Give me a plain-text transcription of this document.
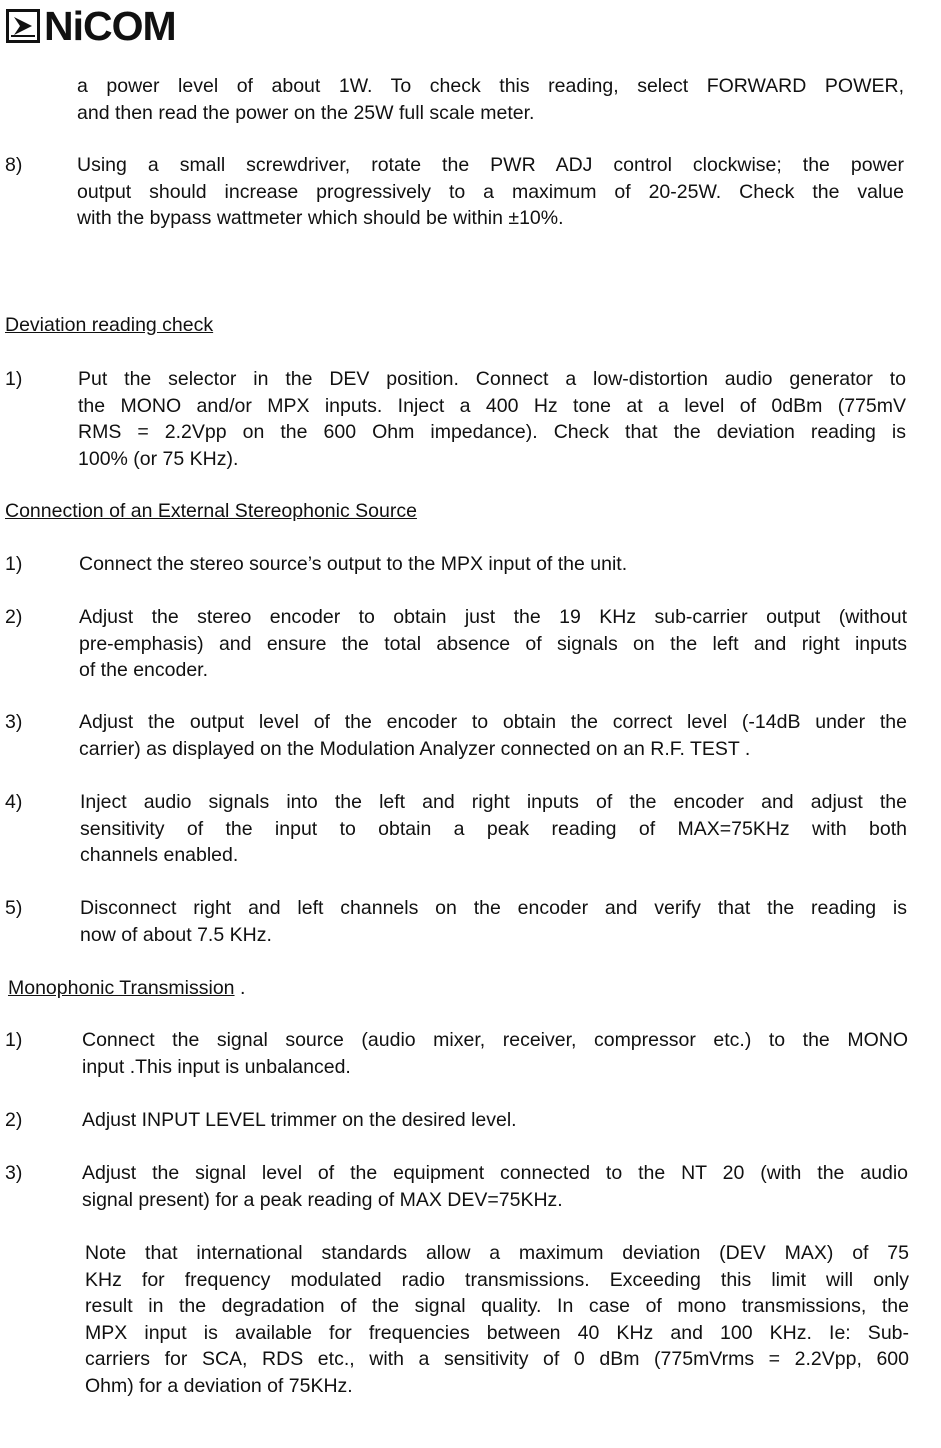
NiCOM
a power level of about 1W. To check this reading, select FORWARD POWER,
and then read the power on the 25W full scale meter.
8)	Using a small screwdriver, rotate the PWR ADJ control clockwise; the power
output should increase progressively to a maximum of 20-25W. Check the value
with the bypass wattmeter which should be within ±10%.
Deviation reading check
1)	Put the selector in the DEV position. Connect a low-distortion audio generator to
the MONO and/or MPX inputs. Inject a 400 Hz tone at a level of 0dBm (775mV
RMS = 2.2Vpp on the 600 Ohm impedance). Check that the deviation reading is
100% (or 75 KHz).
Connection of an External Stereophonic Source
1)	Connect the stereo source’s output to the MPX input of the unit.
2)	Adjust the stereo encoder to obtain just the 19 KHz sub-carrier output (without
pre-emphasis) and ensure the total absence of signals on the left and right inputs
of the encoder.
3)	Adjust the output level of the encoder to obtain the correct level (-14dB under the
carrier) as displayed on the Modulation Analyzer connected on an R.F. TEST .
4)	Inject audio signals into the left and right inputs of the encoder and adjust the
sensitivity of the input to obtain a peak reading of MAX=75KHz with both
channels enabled.
5)	Disconnect right and left channels on the encoder and verify that the reading is
now of about 7.5 KHz.
Monophonic Transmission .
1)	Connect the signal source (audio mixer, receiver, compressor etc.) to the MONO
input .This input is unbalanced.
2)	Adjust INPUT LEVEL trimmer on the desired level.
3)	Adjust the signal level of the equipment connected to the NT 20 (with the audio
signal present) for a peak reading of MAX DEV=75KHz.
Note that international standards allow a maximum deviation (DEV MAX) of 75
KHz for frequency modulated radio transmissions. Exceeding this limit will only
result in the degradation of the signal quality. In case of mono transmissions, the
MPX input is available for frequencies between 40 KHz and 100 KHz. Ie: Sub-
carriers for SCA, RDS etc., with a sensitivity of 0 dBm (775mVrms = 2.2Vpp, 600
Ohm) for a deviation of 75KHz.
